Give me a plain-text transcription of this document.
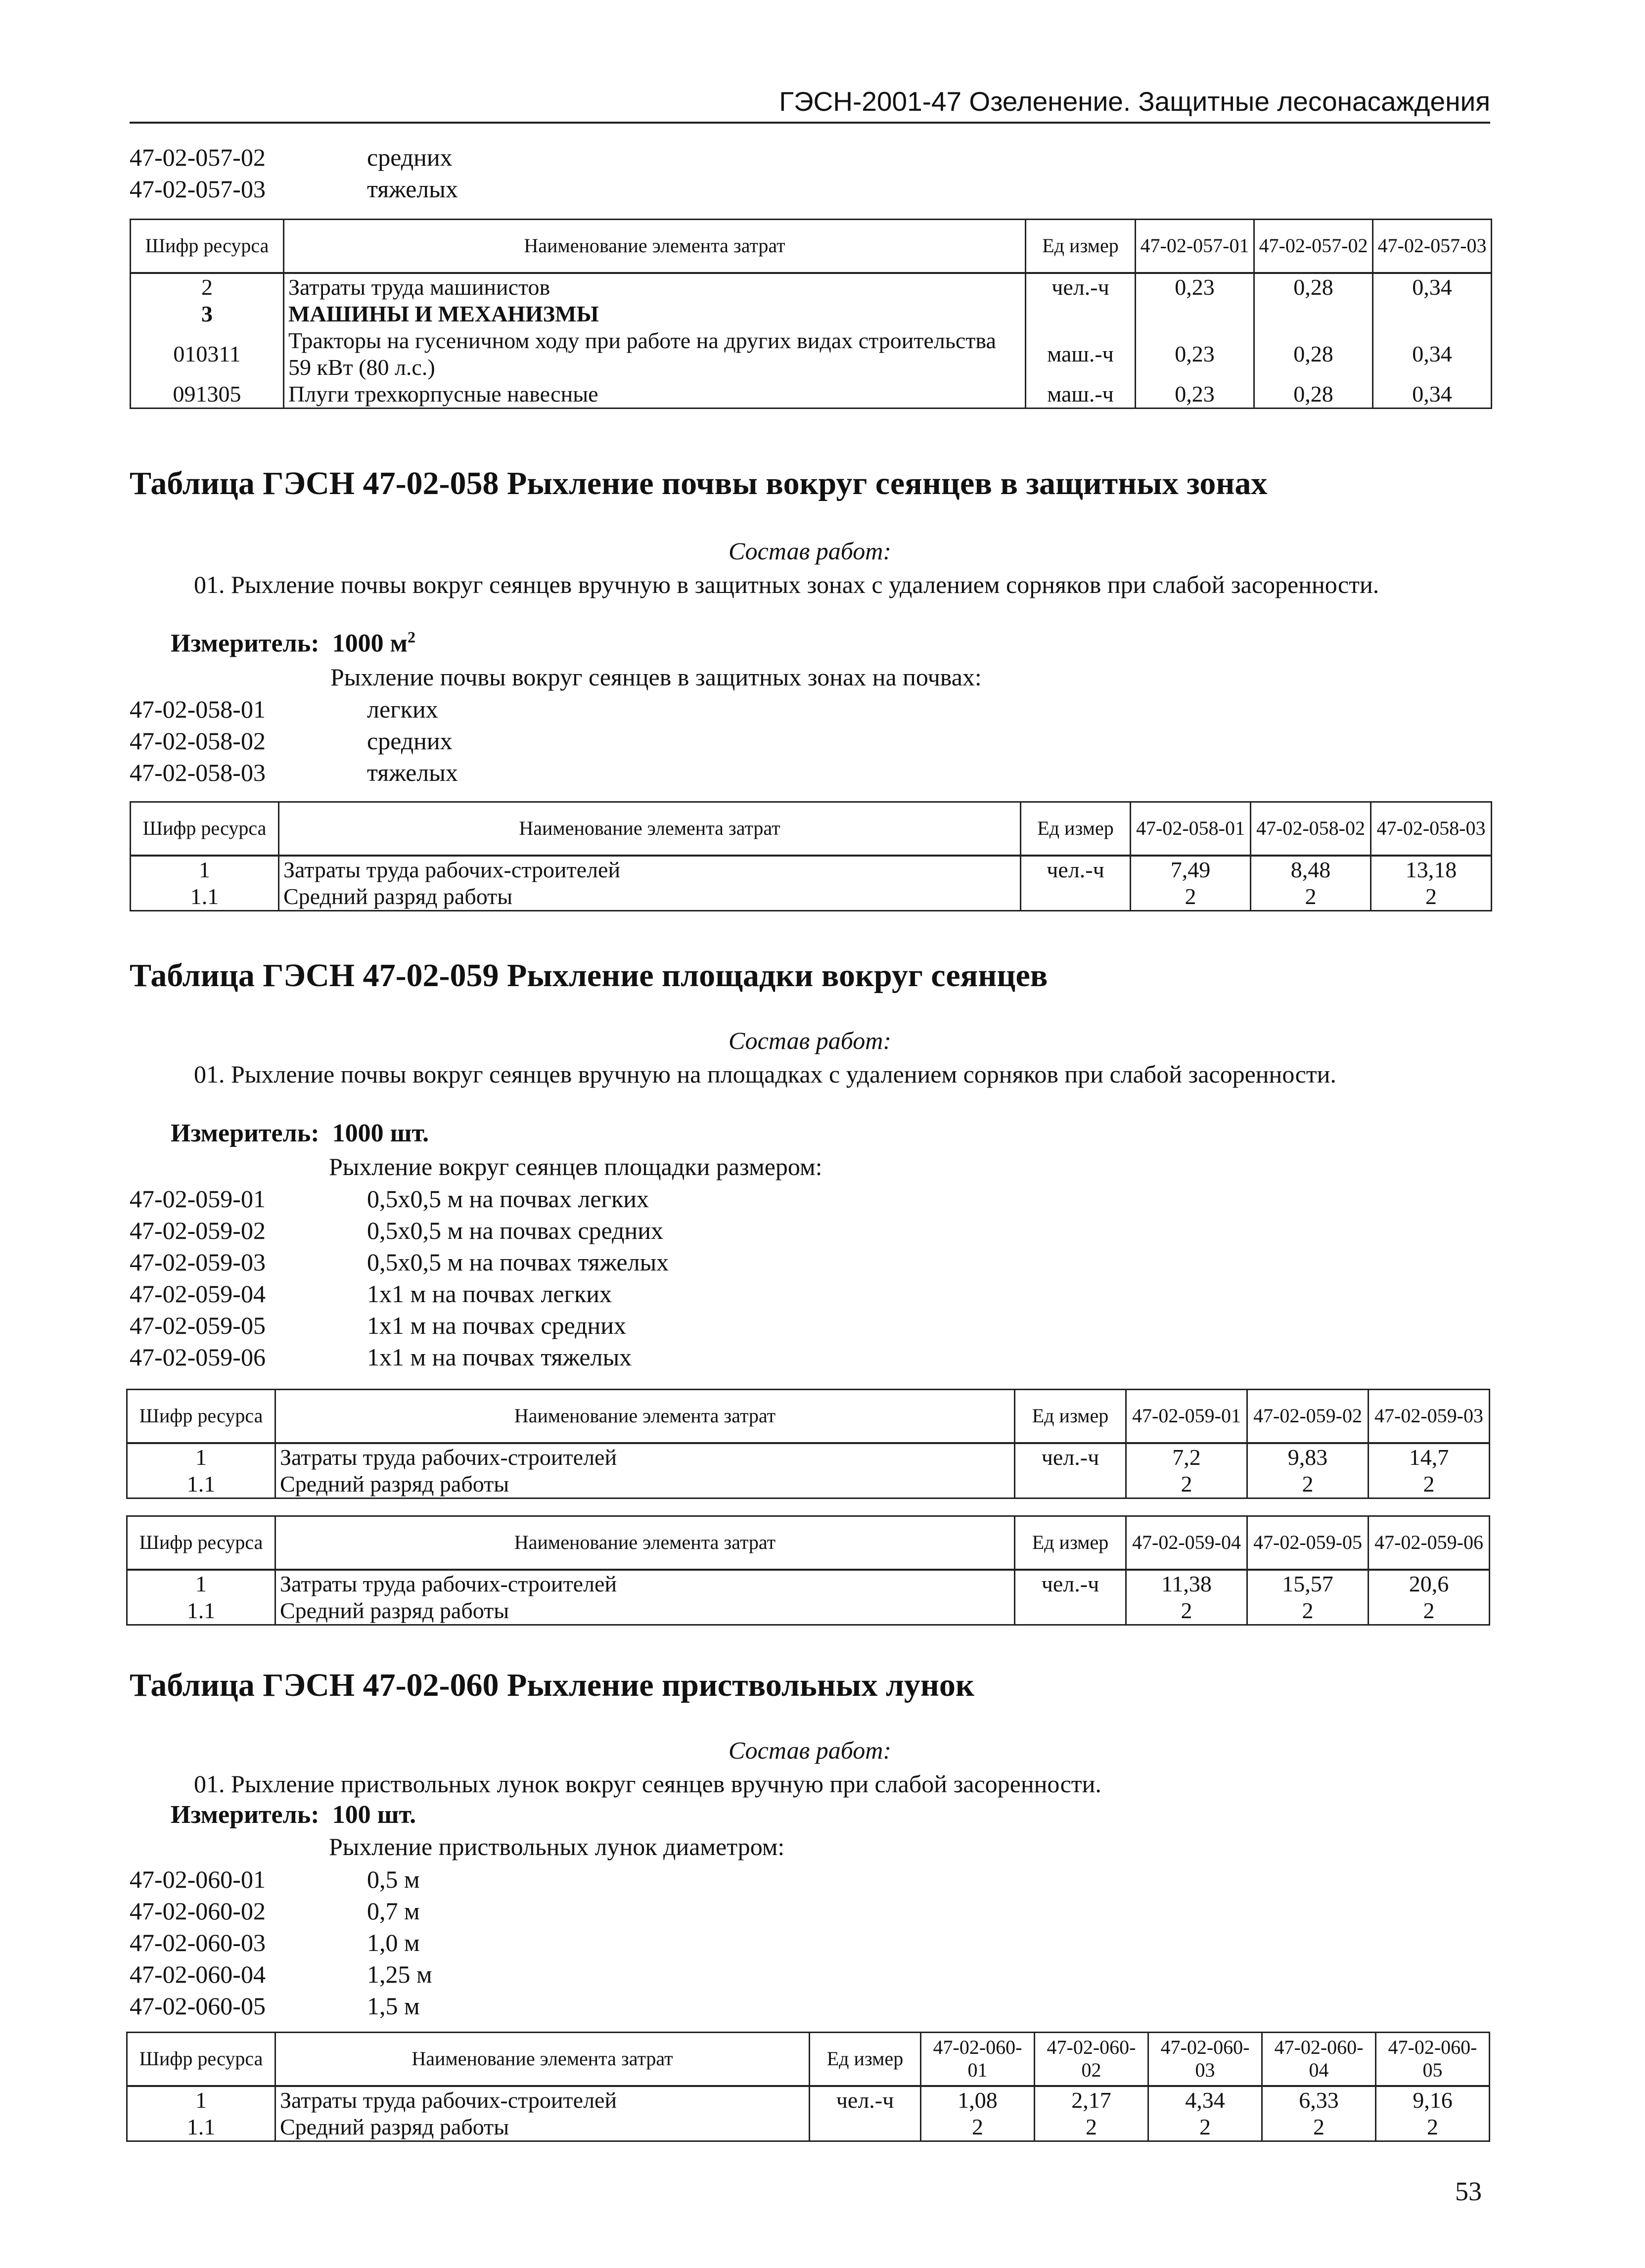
ГЭСН-2001-47 Озеленение. Защитные лесонасаждения
47-02-057-02	средних
47-02-057-03	тяжелых
Шифр ресурса	Наименование элемента затрат	Ед измер	47-02-057-01	47-02-057-02	47-02-057-03
2	Затраты труда машинистов	чел.-ч	0,23	0,28	0,34
3	МАШИНЫ И МЕХАНИЗМЫ				
010311	Тракторы на гусеничном ходу при работе на других видах строительства 59 кВт (80 л.с.)	маш.-ч	0,23	0,28	0,34
091305	Плуги трехкорпусные навесные	маш.-ч	0,23	0,28	0,34
Таблица ГЭСН 47-02-058 Рыхление почвы вокруг сеянцев в защитных зонах
Состав работ:
01. Рыхление почвы вокруг сеянцев вручную в защитных зонах с удалением сорняков при слабой засоренности.
Измеритель: 1000 $м^2$
Рыхление почвы вокруг сеянцев в защитных зонах на почвах:
47-02-058-01	легких
47-02-058-02	средних
47-02-058-03	тяжелых
Шифр ресурса	Наименование элемента затрат	Ед измер	47-02-058-01	47-02-058-02	47-02-058-03
1	Затраты труда рабочих-строителей	чел.-ч	7,49	8,48	13,18
1.1	Средний разряд работы		2	2	2
Таблица ГЭСН 47-02-059 Рыхление площадки вокруг сеянцев
Состав работ:
01. Рыхление почвы вокруг сеянцев вручную на площадках с удалением сорняков при слабой засоренности.
Измеритель: 1000 шт.
Рыхление вокруг сеянцев площадки размером:
47-02-059-01	0,5x0,5 м на почвах легких
47-02-059-02	0,5x0,5 м на почвах средних
47-02-059-03	0,5x0,5 м на почвах тяжелых
47-02-059-04	1x1 м на почвах легких
47-02-059-05	1x1 м на почвах средних
47-02-059-06	1x1 м на почвах тяжелых
Шифр ресурса	Наименование элемента затрат	Ед измер	47-02-059-01	47-02-059-02	47-02-059-03
1	Затраты труда рабочих-строителей	чел.-ч	7,2	9,83	14,7
1.1	Средний разряд работы		2	2	2
Шифр ресурса	Наименование элемента затрат	Ед измер	47-02-059-04	47-02-059-05	47-02-059-06
1	Затраты труда рабочих-строителей	чел.-ч	11,38	15,57	20,6
1.1	Средний разряд работы		2	2	2
Таблица ГЭСН 47-02-060 Рыхление приствольных лунок
Состав работ:
01. Рыхление приствольных лунок вокруг сеянцев вручную при слабой засоренности.
Измеритель: 100 шт.
Рыхление приствольных лунок диаметром:
47-02-060-01	0,5 м
47-02-060-02	0,7 м
47-02-060-03	1,0 м
47-02-060-04	1,25 м
47-02-060-05	1,5 м
Шифр ресурса	Наименование элемента затрат	Ед измер	47-02-060-01	47-02-060-02	47-02-060-03	47-02-060-04	47-02-060-05
1	Затраты труда рабочих-строителей	чел.-ч	1,08	2,17	4,34	6,33	9,16
1.1	Средний разряд работы		2	2	2	2	2
53
